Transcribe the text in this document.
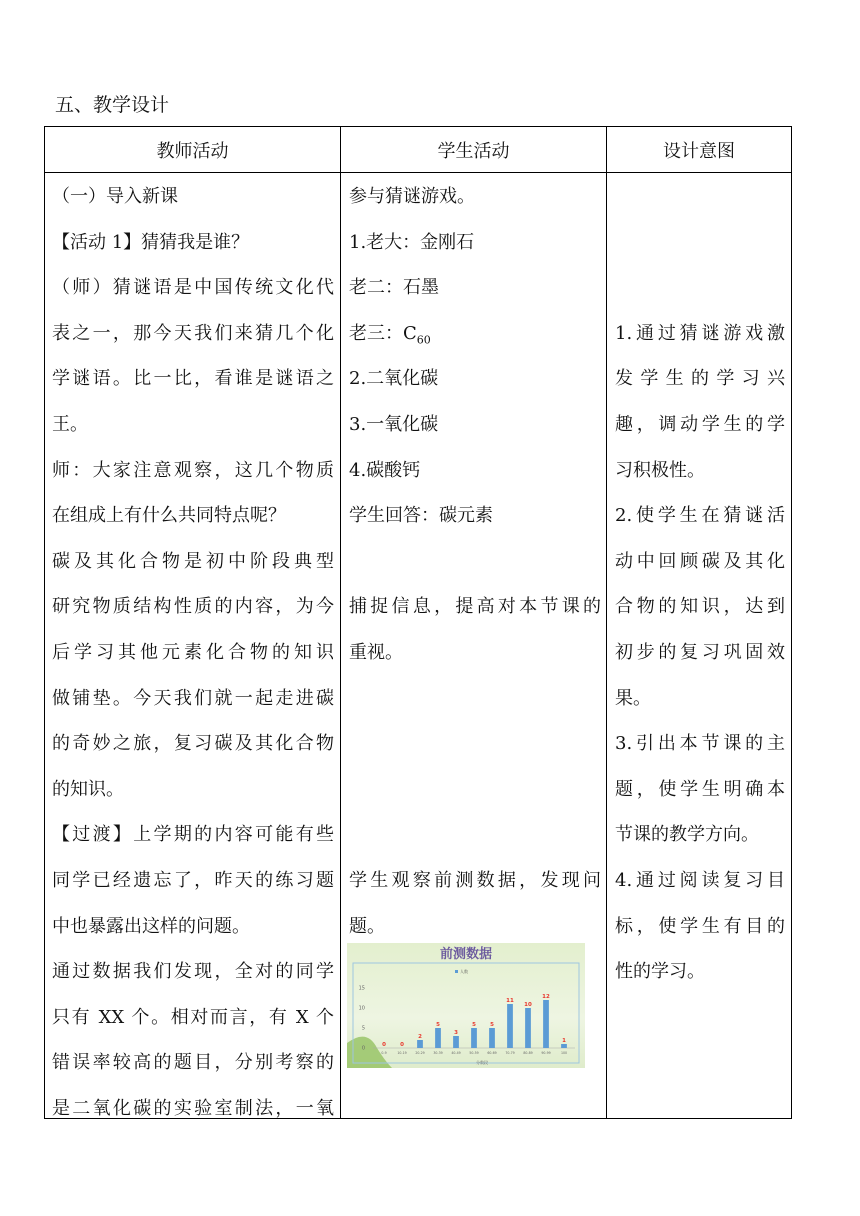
五、教学设计
教师活动	学生活动	设计意图

（一）导入新课

【活动 1】猜猜我是谁？

（师）猜谜语是中国传统文化代

表之一，那今天我们来猜几个化

学谜语。比一比，看谁是谜语之

王。

师：大家注意观察，这几个物质

在组成上有什么共同特点呢？

碳及其化合物是初中阶段典型

研究物质结构性质的内容，为今

后学习其他元素化合物的知识

做铺垫。今天我们就一起走进碳

的奇妙之旅，复习碳及其化合物

的知识。

【过渡】上学期的内容可能有些

同学已经遗忘了，昨天的练习题

中也暴露出这样的问题。

通过数据我们发现，全对的同学

只有 XX 个。相对而言，有 X 个

错误率较高的题目，分别考察的

是二氧化碳的实验室制法，一氧

参与猜谜游戏。

1.老大：金刚石

老二：石墨

老三：$C_{60}$

2.二氧化碳

3.一氧化碳

4.碳酸钙

学生回答：碳元素

捕捉信息，提高对本节课的

重视。

学生观察前测数据，发现问

题。

1.通过猜谜游戏激

发学生的学习兴

趣，调动学生的学

习积极性。

2.使学生在猜谜活

动中回顾碳及其化

合物的知识，达到

初步的复习巩固效

果。

3.引出本节课的主

题，使学生明确本

节课的教学方向。

4.通过阅读复习目

标，使学生有目的

性的学习。

前测数据
人数
分数段
0
5
10
15
0
0-9
0
10-19
2
20-29
5
30-39
3
40-49
5
50-59
5
60-69
11
70-79
10
80-89
12
90-99
1
100
